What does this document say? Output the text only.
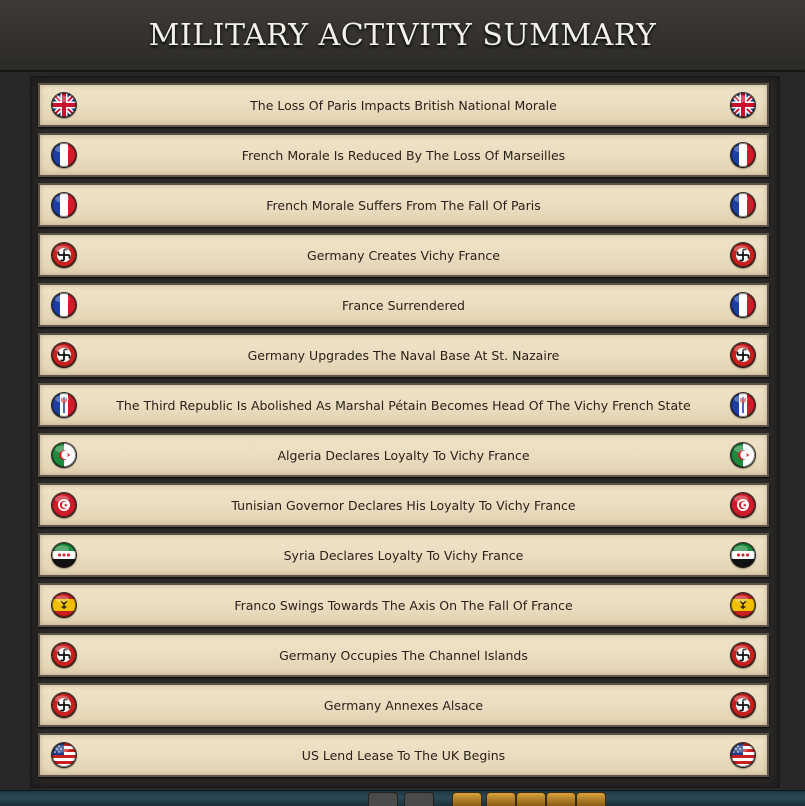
MILITARY ACTIVITY SUMMARY
The Loss Of Paris Impacts British National Morale
French Morale Is Reduced By The Loss Of Marseilles
French Morale Suffers From The Fall Of Paris
Germany Creates Vichy France
France Surrendered
Germany Upgrades The Naval Base At St. Nazaire
The Third Republic Is Abolished As Marshal Pétain Becomes Head Of The Vichy French State
Algeria Declares Loyalty To Vichy France
Tunisian Governor Declares His Loyalty To Vichy France
Syria Declares Loyalty To Vichy France
Franco Swings Towards The Axis On The Fall Of France
Germany Occupies The Channel Islands
Germany Annexes Alsace
US Lend Lease To The UK Begins
